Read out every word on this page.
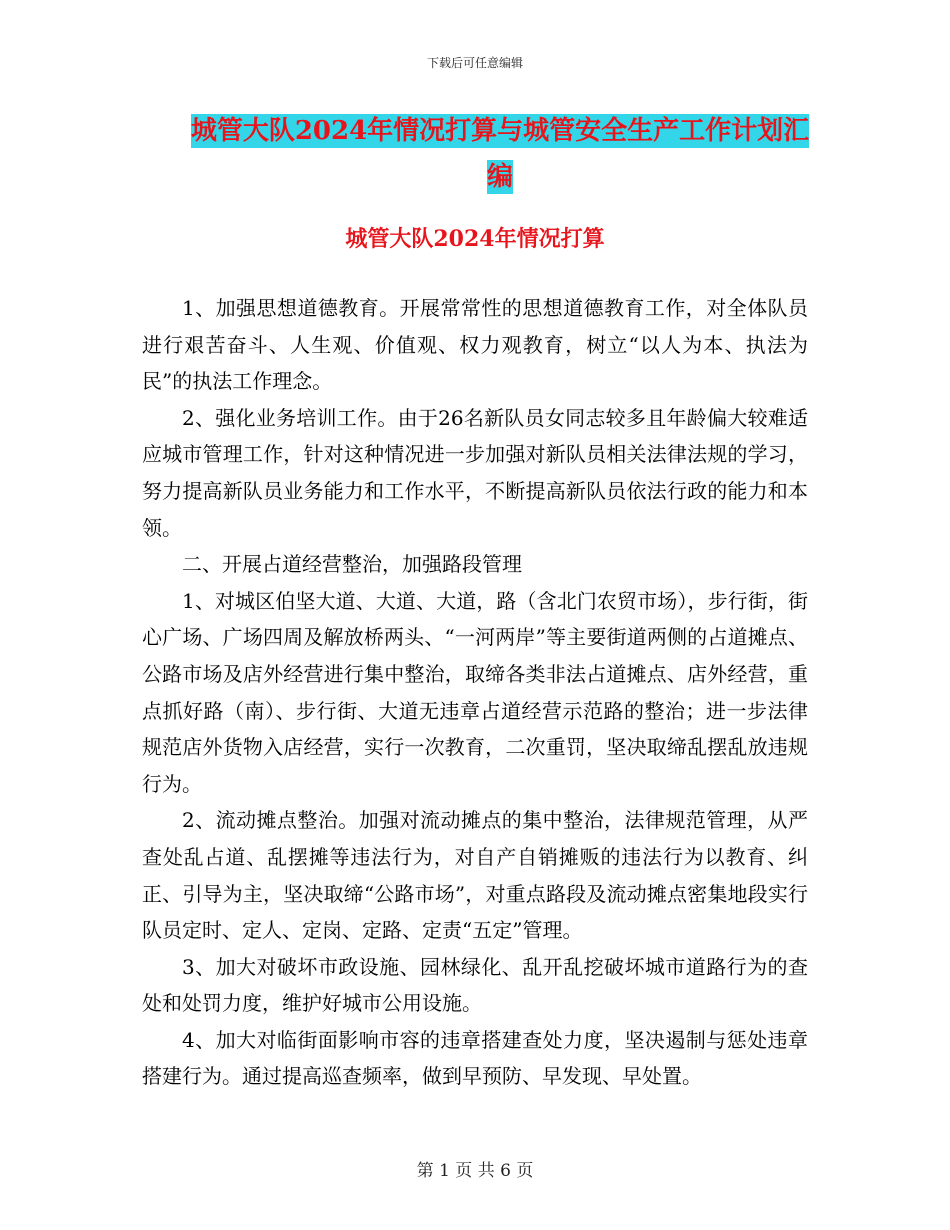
下载后可任意编辑
城管大队2024年情况打算与城管安全生产工作计划汇
编
城管大队2024年情况打算

1、加强思想道德教育。开展常常性的思想道德教育工作，对全体队员进行艰苦奋斗、人生观、价值观、权力观教育，树立“以人为本、执法为民”的执法工作理念。

2、强化业务培训工作。由于26名新队员女同志较多且年龄偏大较难适应城市管理工作，针对这种情况进一步加强对新队员相关法律法规的学习，努力提高新队员业务能力和工作水平，不断提高新队员依法行政的能力和本领。

二、开展占道经营整治，加强路段管理

1、对城区伯坚大道、大道、大道，路（含北门农贸市场），步行街，街心广场、广场四周及解放桥两头、“一河两岸”等主要街道两侧的占道摊点、公路市场及店外经营进行集中整治，取缔各类非法占道摊点、店外经营，重点抓好路（南）、步行街、大道无违章占道经营示范路的整治；进一步法律规范店外货物入店经营，实行一次教育，二次重罚，坚决取缔乱摆乱放违规行为。

2、流动摊点整治。加强对流动摊点的集中整治，法律规范管理，从严查处乱占道、乱摆摊等违法行为，对自产自销摊贩的违法行为以教育、纠正、引导为主，坚决取缔“公路市场”，对重点路段及流动摊点密集地段实行队员定时、定人、定岗、定路、定责“五定”管理。

3、加大对破坏市政设施、园林绿化、乱开乱挖破坏城市道路行为的查处和处罚力度，维护好城市公用设施。

4、加大对临街面影响市容的违章搭建查处力度，坚决遏制与惩处违章搭建行为。通过提高巡查频率，做到早预防、早发现、早处置。

第 1 页 共 6 页
